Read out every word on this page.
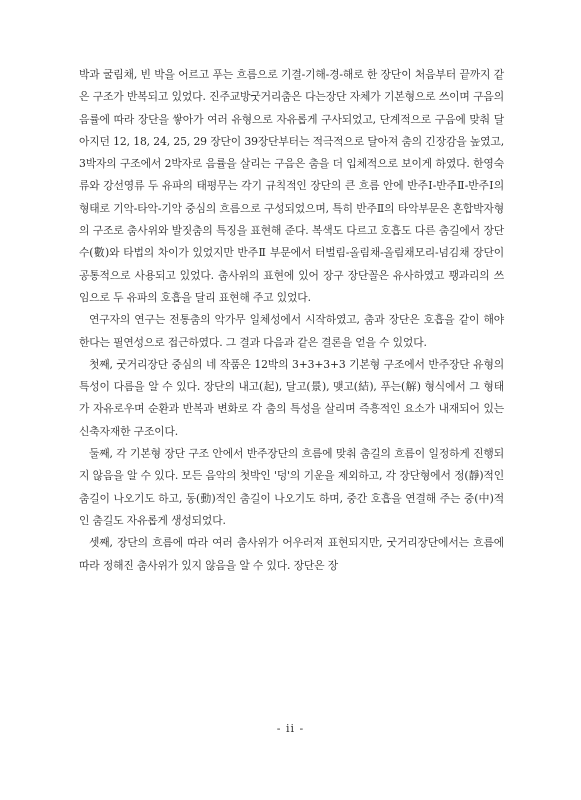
박과 굴림채, 빈 박을 어르고 푸는 흐름으로 기결-기해-경-해로 한 장단이 처음부터 끝까지 같은 구조가 반복되고 있었다. 진주교방굿거리춤은 다는장단 자체가 기본형으로 쓰이며 구음의 음률에 따라 장단을 쌓아가 여러 유형으로 자유롭게 구사되었고, 단계적으로 구음에 맞춰 달아지던 12, 18, 24, 25, 29 장단이 39장단부터는 적극적으로 달아져 춤의 긴장감을 높였고, 3박자의 구조에서 2박자로 음률을 살리는 구음은 춤을 더 입체적으로 보이게 하였다. 한영숙류와 강선영류 두 유파의 태평무는 각기 규칙적인 장단의 큰 흐름 안에 반주Ⅰ-반주Ⅱ-반주Ⅰ의 형태로 기악-타악-기악 중심의 흐름으로 구성되었으며, 특히 반주Ⅱ의 타악부문은 혼합박자형의 구조로 춤사위와 발짓춤의 특징을 표현해 준다. 복색도 다르고 호흡도 다른 춤길에서 장단수(數)와 타법의 차이가 있었지만 반주Ⅱ 부문에서 터벌림-올림채-올림채모리-넘김채 장단이 공통적으로 사용되고 있었다. 춤사위의 표현에 있어 장구 장단꼴은 유사하였고 꽹과리의 쓰임으로 두 유파의 호흡을 달리 표현해 주고 있었다.

연구자의 연구는 전통춤의 악가무 일체성에서 시작하였고, 춤과 장단은 호흡을 같이 해야 한다는 필연성으로 접근하였다. 그 결과 다음과 같은 결론을 얻을 수 있었다.

첫째, 굿거리장단 중심의 네 작품은 12박의 3+3+3+3 기본형 구조에서 반주장단 유형의 특성이 다름을 알 수 있다. 장단의 내고(起), 달고(景), 맺고(結), 푸는(解) 형식에서 그 형태가 자유로우며 순환과 반복과 변화로 각 춤의 특성을 살리며 즉흥적인 요소가 내재되어 있는 신축자재한 구조이다.

둘째, 각 기본형 장단 구조 안에서 반주장단의 흐름에 맞춰 춤길의 흐름이 일정하게 진행되지 않음을 알 수 있다. 모든 음악의 첫박인 '덩'의 기운을 제외하고, 각 장단형에서 정(靜)적인 춤길이 나오기도 하고, 동(動)적인 춤길이 나오기도 하며, 중간 호흡을 연결해 주는 중(中)적인 춤길도 자유롭게 생성되었다.

셋째, 장단의 흐름에 따라 여러 춤사위가 어우러져 표현되지만, 굿거리장단에서는 흐름에 따라 정해진 춤사위가 있지 않음을 알 수 있다. 장단은 장

- ii -
